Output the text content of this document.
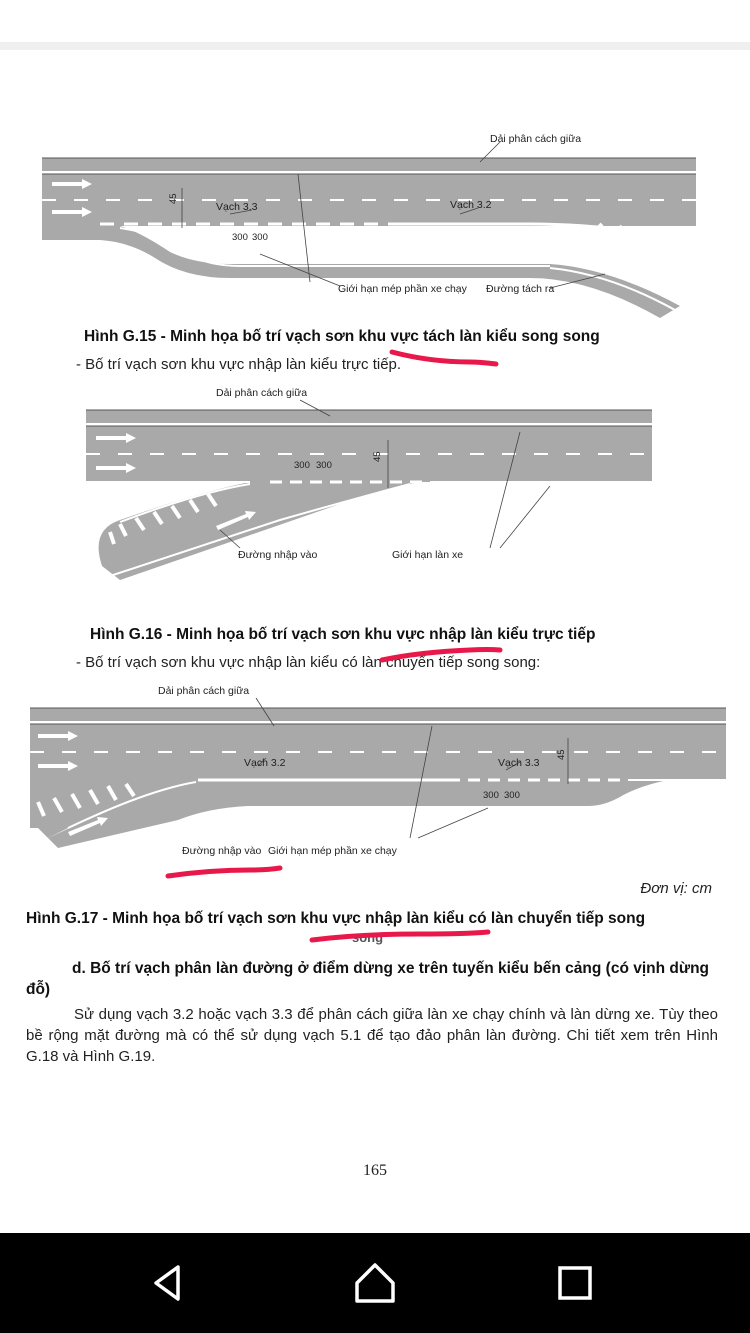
Dải phân cách giữa
Vạch 3.3	Vạch 3.2
45
300 300
Giới hạn mép phần xe chạy Đường tách ra
Hình G.15 - Minh họa bố trí vạch sơn khu vực tách làn kiểu song song
- Bố trí vạch sơn khu vực nhập làn kiểu trực tiếp.
Dải phân cách giữa
300 300
45
Đường nhập vào	Giới hạn làn xe
Hình G.16 - Minh họa bố trí vạch sơn khu vực nhập làn kiểu trực tiếp
- Bố trí vạch sơn khu vực nhập làn kiểu có làn chuyển tiếp song song:
Dải phân cách giữa
Vạch 3.2	Vạch 3.3
45
300 300
Đường nhập vào Giới hạn mép phần xe chạy
Đơn vị: cm
Hình G.17 - Minh họa bố trí vạch sơn khu vực nhập làn kiểu có làn chuyển tiếp song
song
d. Bố trí vạch phân làn đường ở điểm dừng xe trên tuyến kiểu bến cảng (có vịnh dừng đỗ)
Sử dụng vạch 3.2 hoặc vạch 3.3 để phân cách giữa làn xe chạy chính và làn dừng xe. Tùy theo bề rộng mặt đường mà có thể sử dụng vạch 5.1 để tạo đảo phân làn đường. Chi tiết xem trên Hình G.18 và Hình G.19.
165
